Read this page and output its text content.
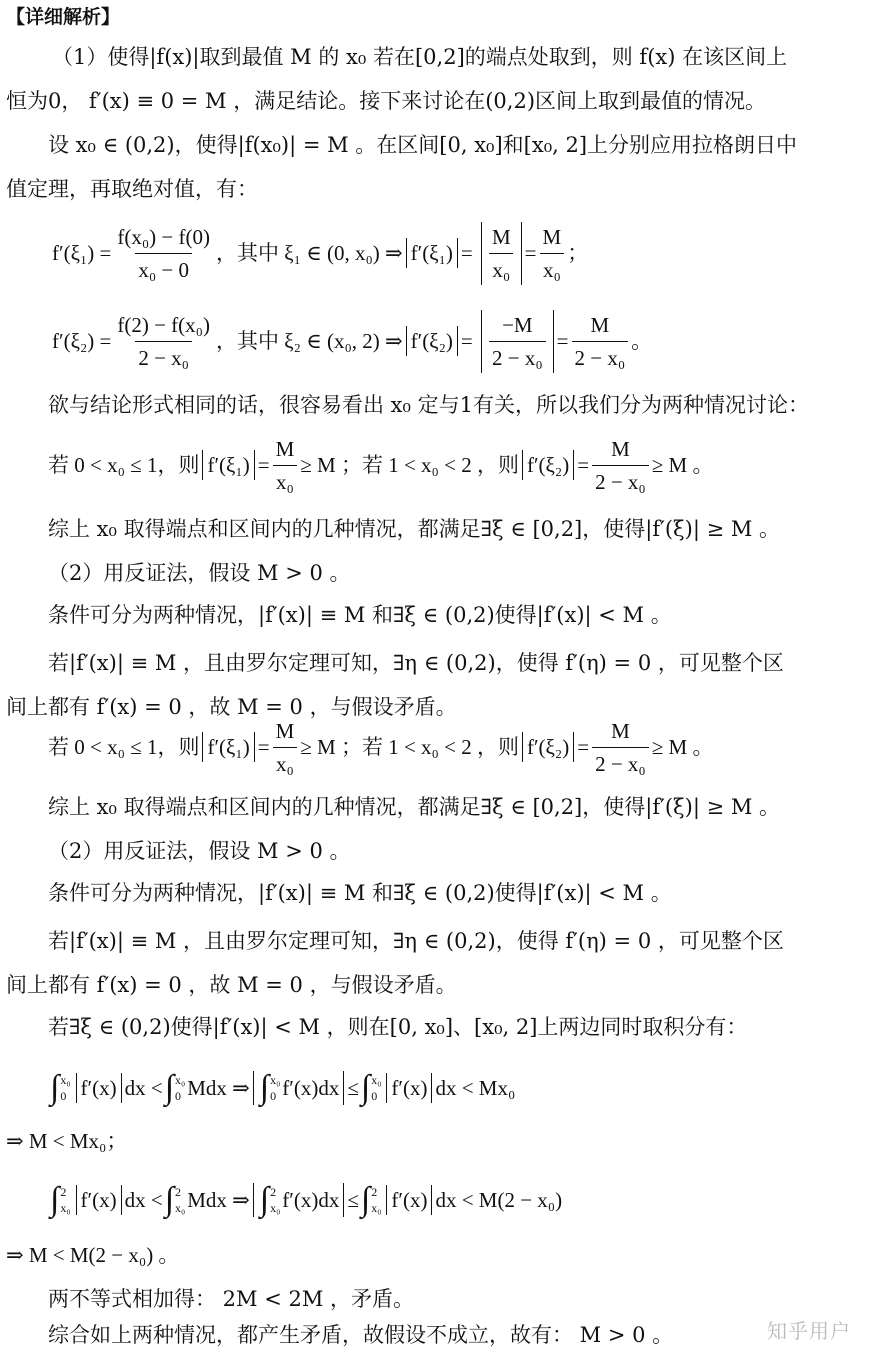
【详细解析】
（1）使得|f(x)|取到最值 M 的 x₀ 若在[0,2]的端点处取到，则 f(x) 在该区间上
恒为0， f′(x) ≡ 0 = M ，满足结论。接下来讨论在(0,2)区间上取到最值的情况。
设 x₀ ∈ (0,2)，使得|f(x₀)| = M 。在区间[0, x₀]和[x₀, 2]上分别应用拉格朗日中
值定理，再取绝对值，有：
$f'(\xi_1) = \frac{\text{f(x₀) − f(0)}}{\text{x₀ − 0}}$ ，其中 ξ₁ ∈ (0, x₀) ⇒ $f'(\xi_1) = \frac{M}{\text{x₀}} = \frac{M}{\text{x₀}}$ ；
$f'(\xi_2) = \frac{\text{f(2) − f(x₀)}}{\text{2 − x₀}}$ ，其中 ξ₂ ∈ (x₀, 2) ⇒ $f'(\xi_2) = \frac{-M}{\text{2 − x₀}} = \frac{M}{\text{2 − x₀}}$ 。
欲与结论形式相同的话，很容易看出 x₀ 定与1有关，所以我们分为两种情况讨论：
若 0 < x₀ ≤ 1，则 $f'(\xi_1) = \frac{M}{\text{x₀}} \ge M$ ；若 1 < x₀ < 2 ，则 $f'(\xi_2) = \frac{M}{\text{2 − x₀}} \ge M$ 。
综上 x₀ 取得端点和区间内的几种情况，都满足∃ξ ∈ [0,2]，使得|f′(ξ)| ≥ M 。
（2）用反证法，假设 M > 0 。
条件可分为两种情况，|f′(x)| ≡ M 和∃ξ ∈ (0,2)使得|f′(x)| < M 。
若|f′(x)| ≡ M ，且由罗尔定理可知，∃η ∈ (0,2)，使得 f′(η) = 0 ，可见整个区
间上都有 f′(x) = 0 ，故 M = 0 ，与假设矛盾。
若 0 < x₀ ≤ 1，则 $f'(\xi_1) = \frac{M}{\text{x₀}} \ge M$ ；若 1 < x₀ < 2 ，则 $f'(\xi_2) = \frac{M}{\text{2 − x₀}} \ge M$ 。
综上 x₀ 取得端点和区间内的几种情况，都满足∃ξ ∈ [0,2]，使得|f′(ξ)| ≥ M 。
（2）用反证法，假设 M > 0 。
条件可分为两种情况，|f′(x)| ≡ M 和∃ξ ∈ (0,2)使得|f′(x)| < M 。
若|f′(x)| ≡ M ，且由罗尔定理可知，∃η ∈ (0,2)，使得 f′(η) = 0 ，可见整个区
间上都有 f′(x) = 0 ，故 M = 0 ，与假设矛盾。
若∃ξ ∈ (0,2)使得|f′(x)| < M ，则在[0, x₀]、[x₀, 2]上两边同时取积分有：
∫ x₀
0 f′(x) dx < ∫ x₀
0 Mdx ⇒ ∫ x₀
0 f′(x)dx ≤ ∫ x₀
0 f′(x) dx < Mx₀
⇒ M < Mx₀；
∫ 2
x₀ f′(x) dx < ∫ 2
x₀ Mdx ⇒ ∫ 2
x₀ f′(x)dx ≤ ∫ 2
x₀ f′(x) dx < M(2 − x₀)
⇒ M < M(2 − x₀) 。
两不等式相加得： 2M < 2M ，矛盾。
综合如上两种情况，都产生矛盾，故假设不成立，故有： M > 0 。	知乎用户
